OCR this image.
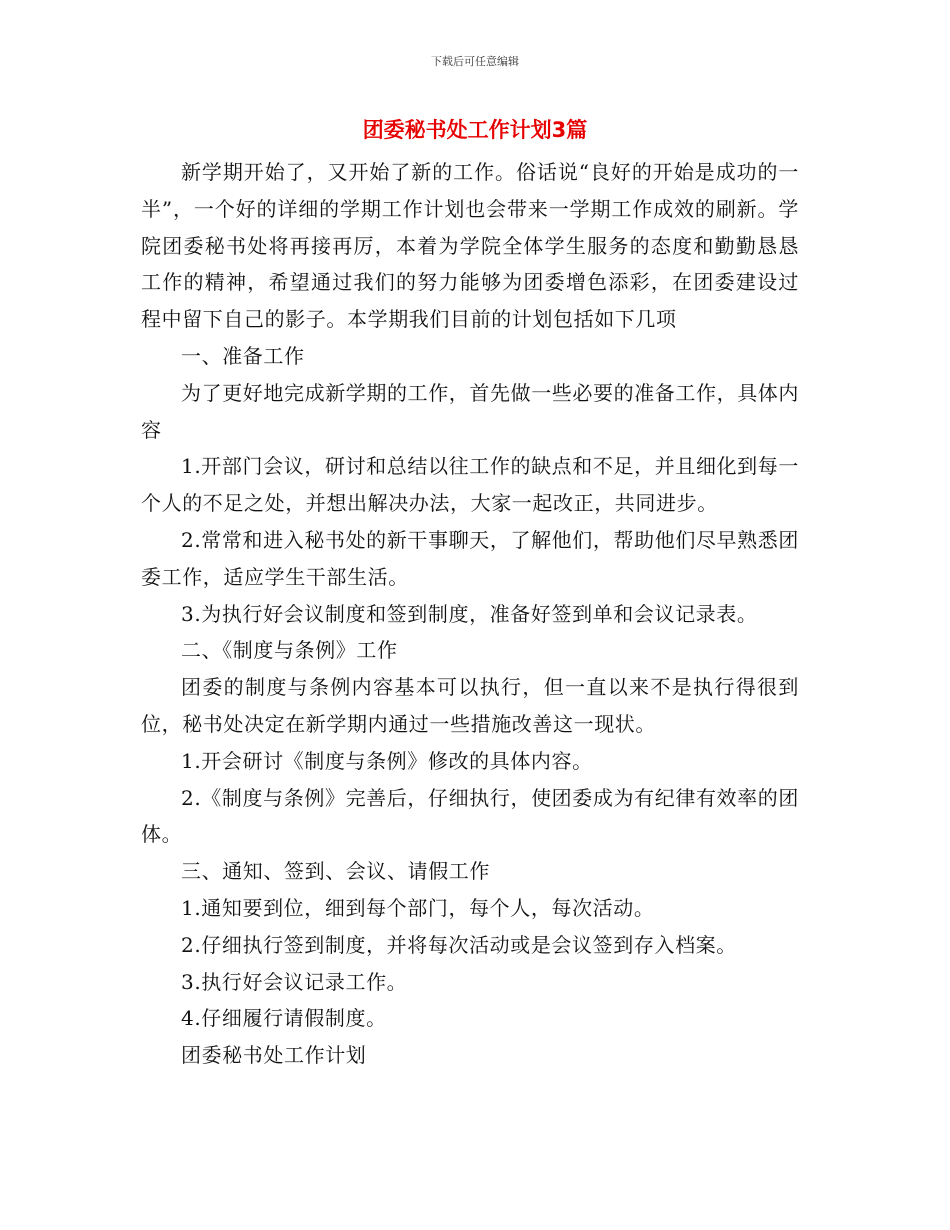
下载后可任意编辑
团委秘书处工作计划3篇

新学期开始了，又开始了新的工作。俗话说“良好的开始是成功的一半”，一个好的详细的学期工作计划也会带来一学期工作成效的刷新。学院团委秘书处将再接再厉，本着为学院全体学生服务的态度和勤勤恳恳工作的精神，希望通过我们的努力能够为团委增色添彩，在团委建设过程中留下自己的影子。本学期我们目前的计划包括如下几项

一、准备工作

为了更好地完成新学期的工作，首先做一些必要的准备工作，具体内容

1.开部门会议，研讨和总结以往工作的缺点和不足，并且细化到每一个人的不足之处，并想出解决办法，大家一起改正，共同进步。

2.常常和进入秘书处的新干事聊天，了解他们，帮助他们尽早熟悉团委工作，适应学生干部生活。

3.为执行好会议制度和签到制度，准备好签到单和会议记录表。

二、《制度与条例》工作

团委的制度与条例内容基本可以执行，但一直以来不是执行得很到位，秘书处决定在新学期内通过一些措施改善这一现状。

1.开会研讨《制度与条例》修改的具体内容。

2.《制度与条例》完善后，仔细执行，使团委成为有纪律有效率的团体。

三、通知、签到、会议、请假工作

1.通知要到位，细到每个部门，每个人，每次活动。

2.仔细执行签到制度，并将每次活动或是会议签到存入档案。

3.执行好会议记录工作。

4.仔细履行请假制度。

团委秘书处工作计划
